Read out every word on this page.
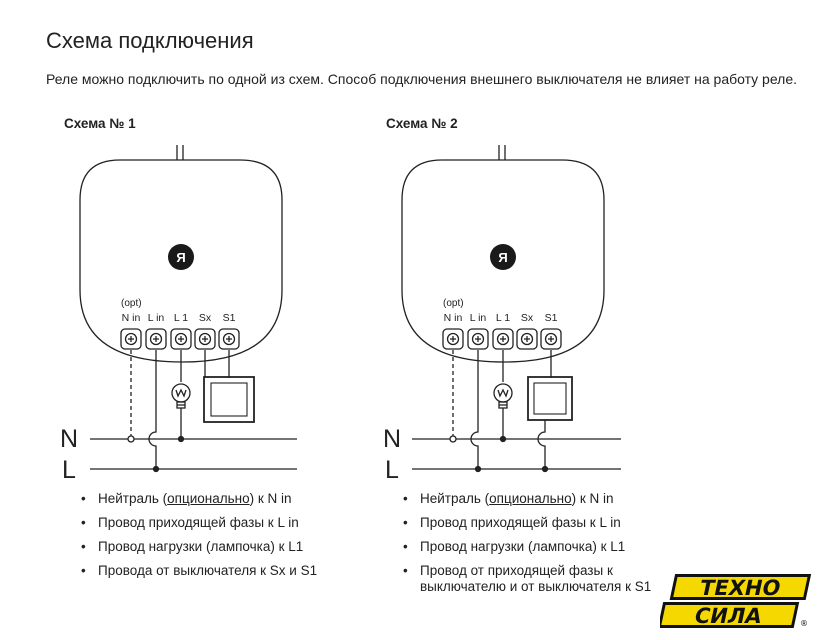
Схема подключения
Реле можно подключить по одной из схем. Способ подключения внешнего выключателя не влияет на работу реле.
Схема № 1	Схема № 2
(opt)
N in L in L 1 Sx S1
Я
N
L
(opt)
N in L in L 1 Sx S1
Я
N
L
• Нейтраль (опционально) к N in
• Провод приходящей фазы к L in
• Провод нагрузки (лампочка) к L1
• Провода от выключателя к Sx и S1
• Нейтраль (опционально) к N in
• Провод приходящей фазы к L in
• Провод нагрузки (лампочка) к L1
• Провод от приходящей фазы к выключателю и от выключателя к S1	ТЕХНО
СИЛА	®
